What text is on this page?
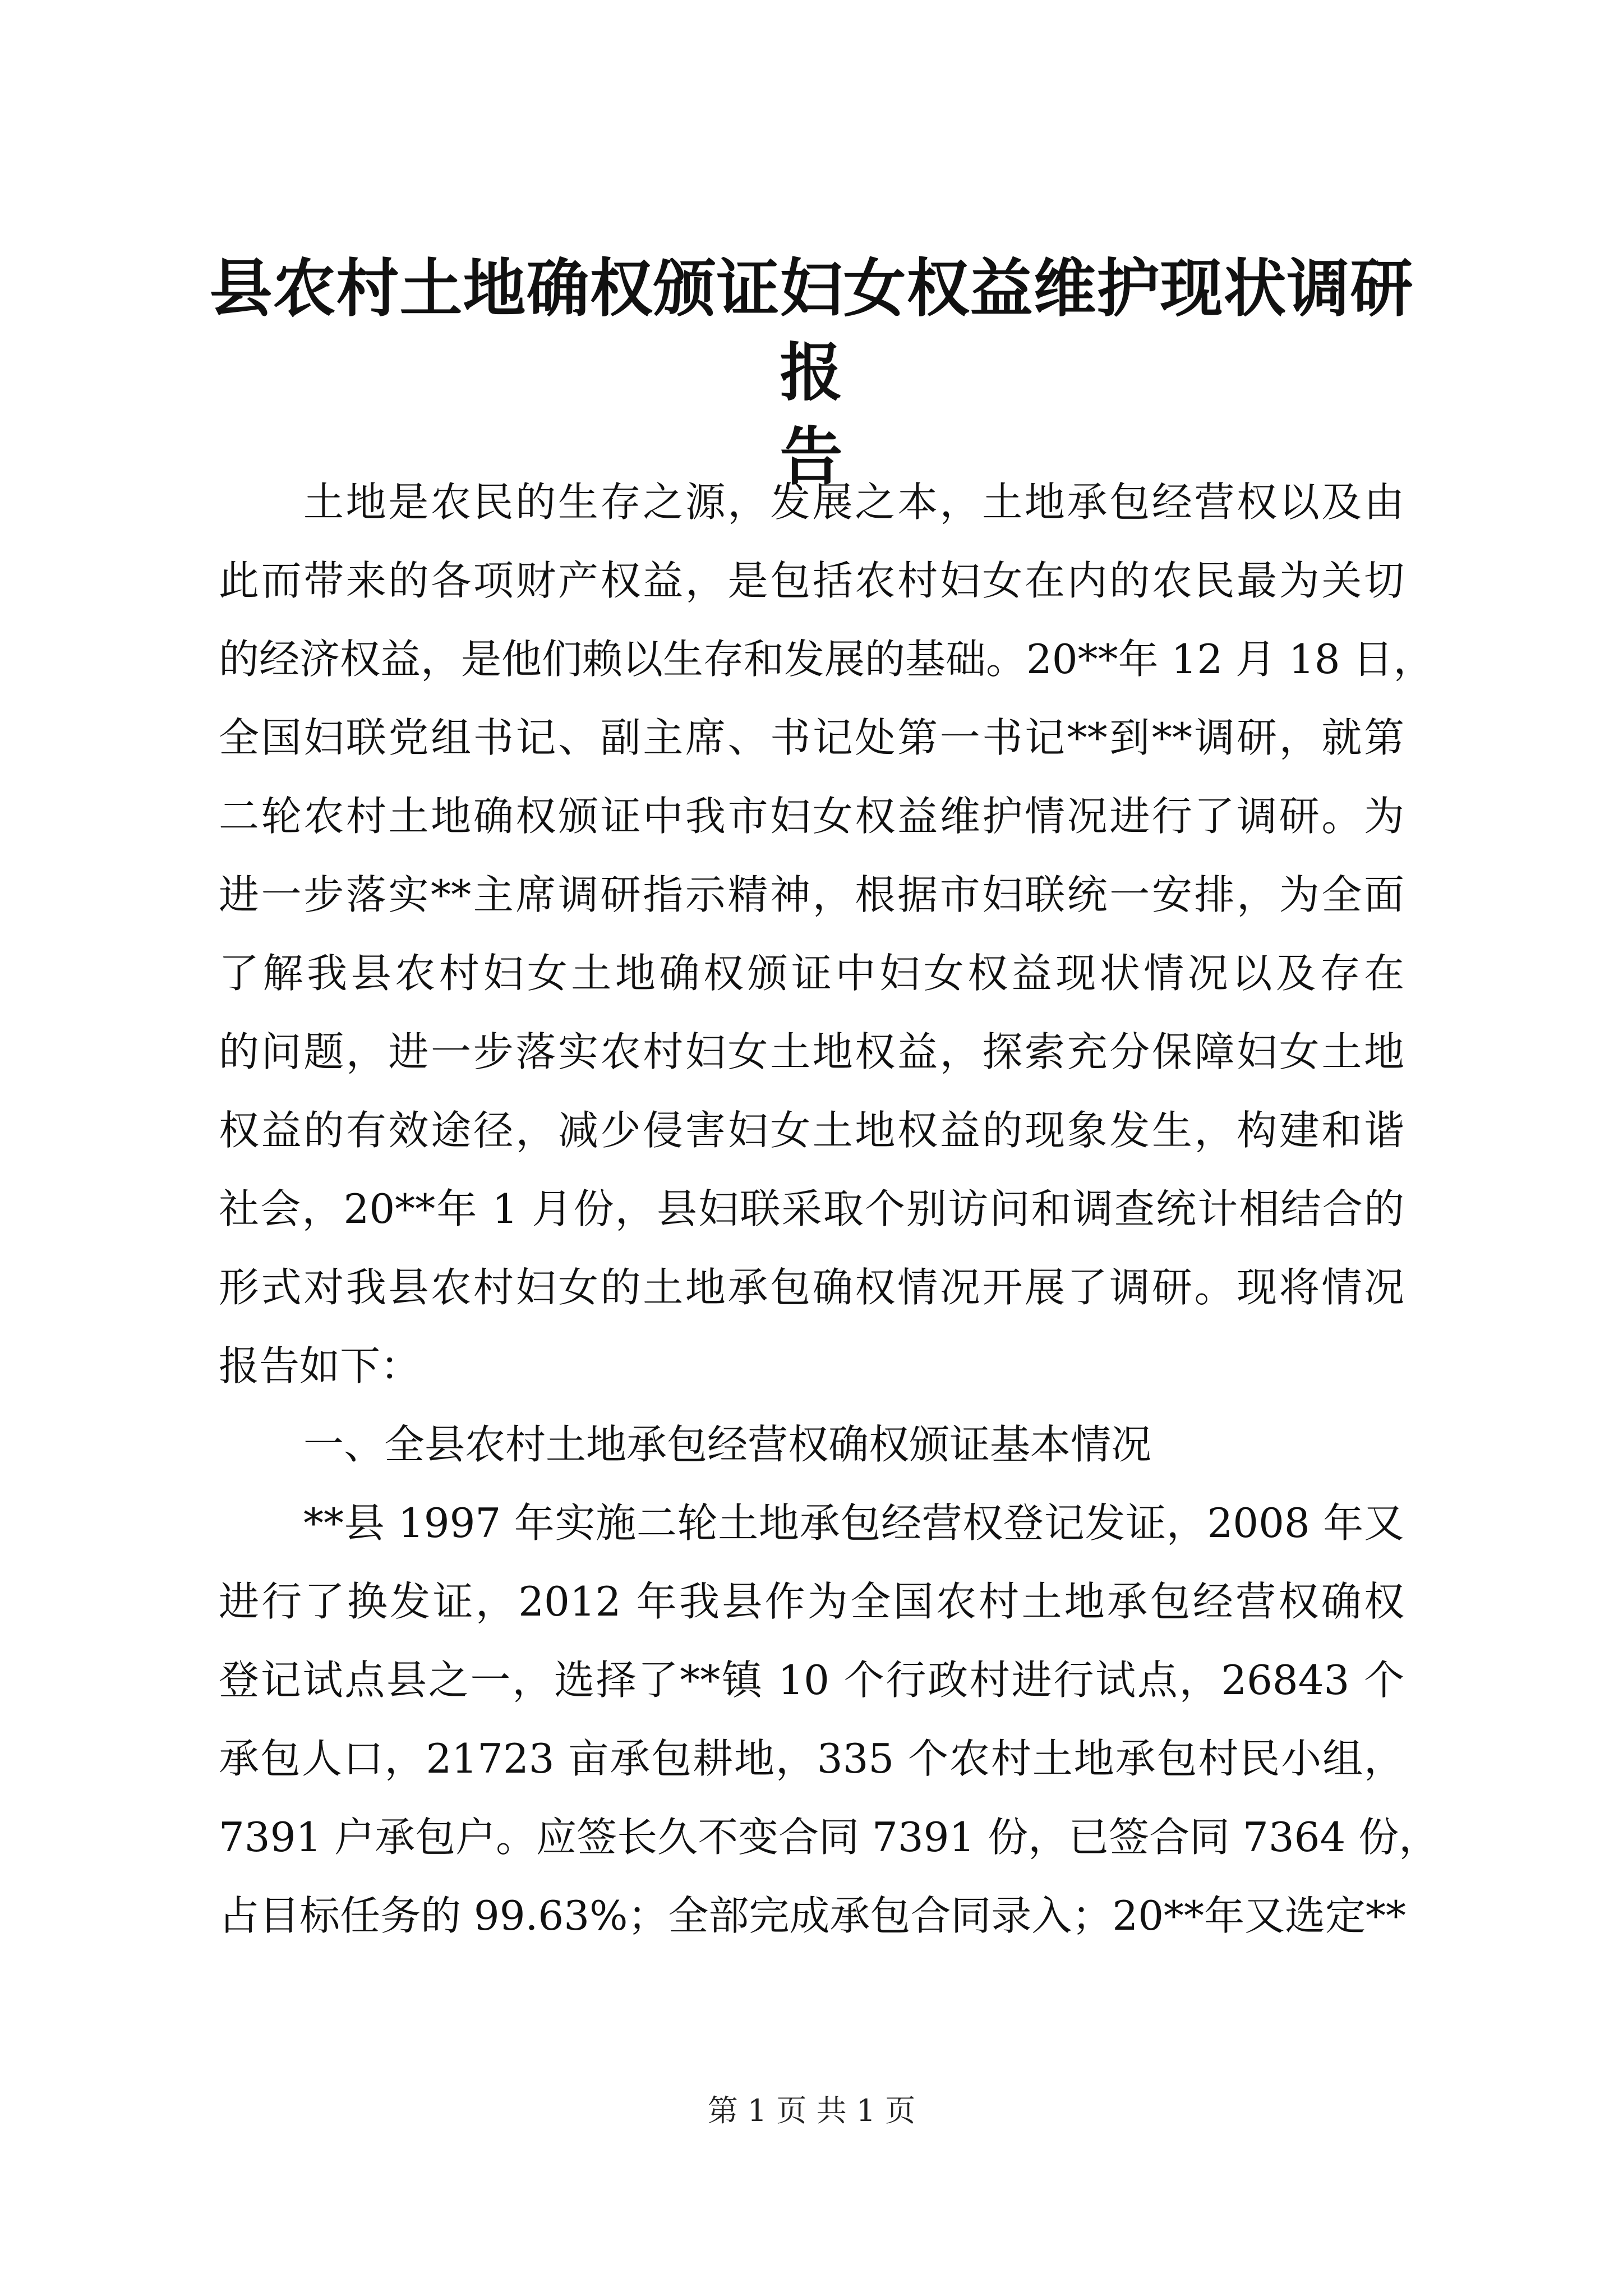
县农村土地确权颁证妇女权益维护现状调研报
告
土地是农民的生存之源，发展之本，土地承包经营权以及由
此而带来的各项财产权益，是包括农村妇女在内的农民最为关切
的经济权益，是他们赖以生存和发展的基础。20**年 12 月 18 日，
全国妇联党组书记、副主席、书记处第一书记**到**调研，就第
二轮农村土地确权颁证中我市妇女权益维护情况进行了调研。为
进一步落实**主席调研指示精神，根据市妇联统一安排，为全面
了解我县农村妇女土地确权颁证中妇女权益现状情况以及存在
的问题，进一步落实农村妇女土地权益，探索充分保障妇女土地
权益的有效途径，减少侵害妇女土地权益的现象发生，构建和谐
社会，20**年 1 月份，县妇联采取个别访问和调查统计相结合的
形式对我县农村妇女的土地承包确权情况开展了调研。现将情况
报告如下：
一、全县农村土地承包经营权确权颁证基本情况
**县 1997 年实施二轮土地承包经营权登记发证，2008 年又
进行了换发证，2012 年我县作为全国农村土地承包经营权确权
登记试点县之一，选择了**镇 10 个行政村进行试点，26843 个
承包人口，21723 亩承包耕地，335 个农村土地承包村民小组，
7391 户承包户。应签长久不变合同 7391 份，已签合同 7364 份，
占目标任务的 99.63%；全部完成承包合同录入；20**年又选定**
第 1 页 共 1 页
